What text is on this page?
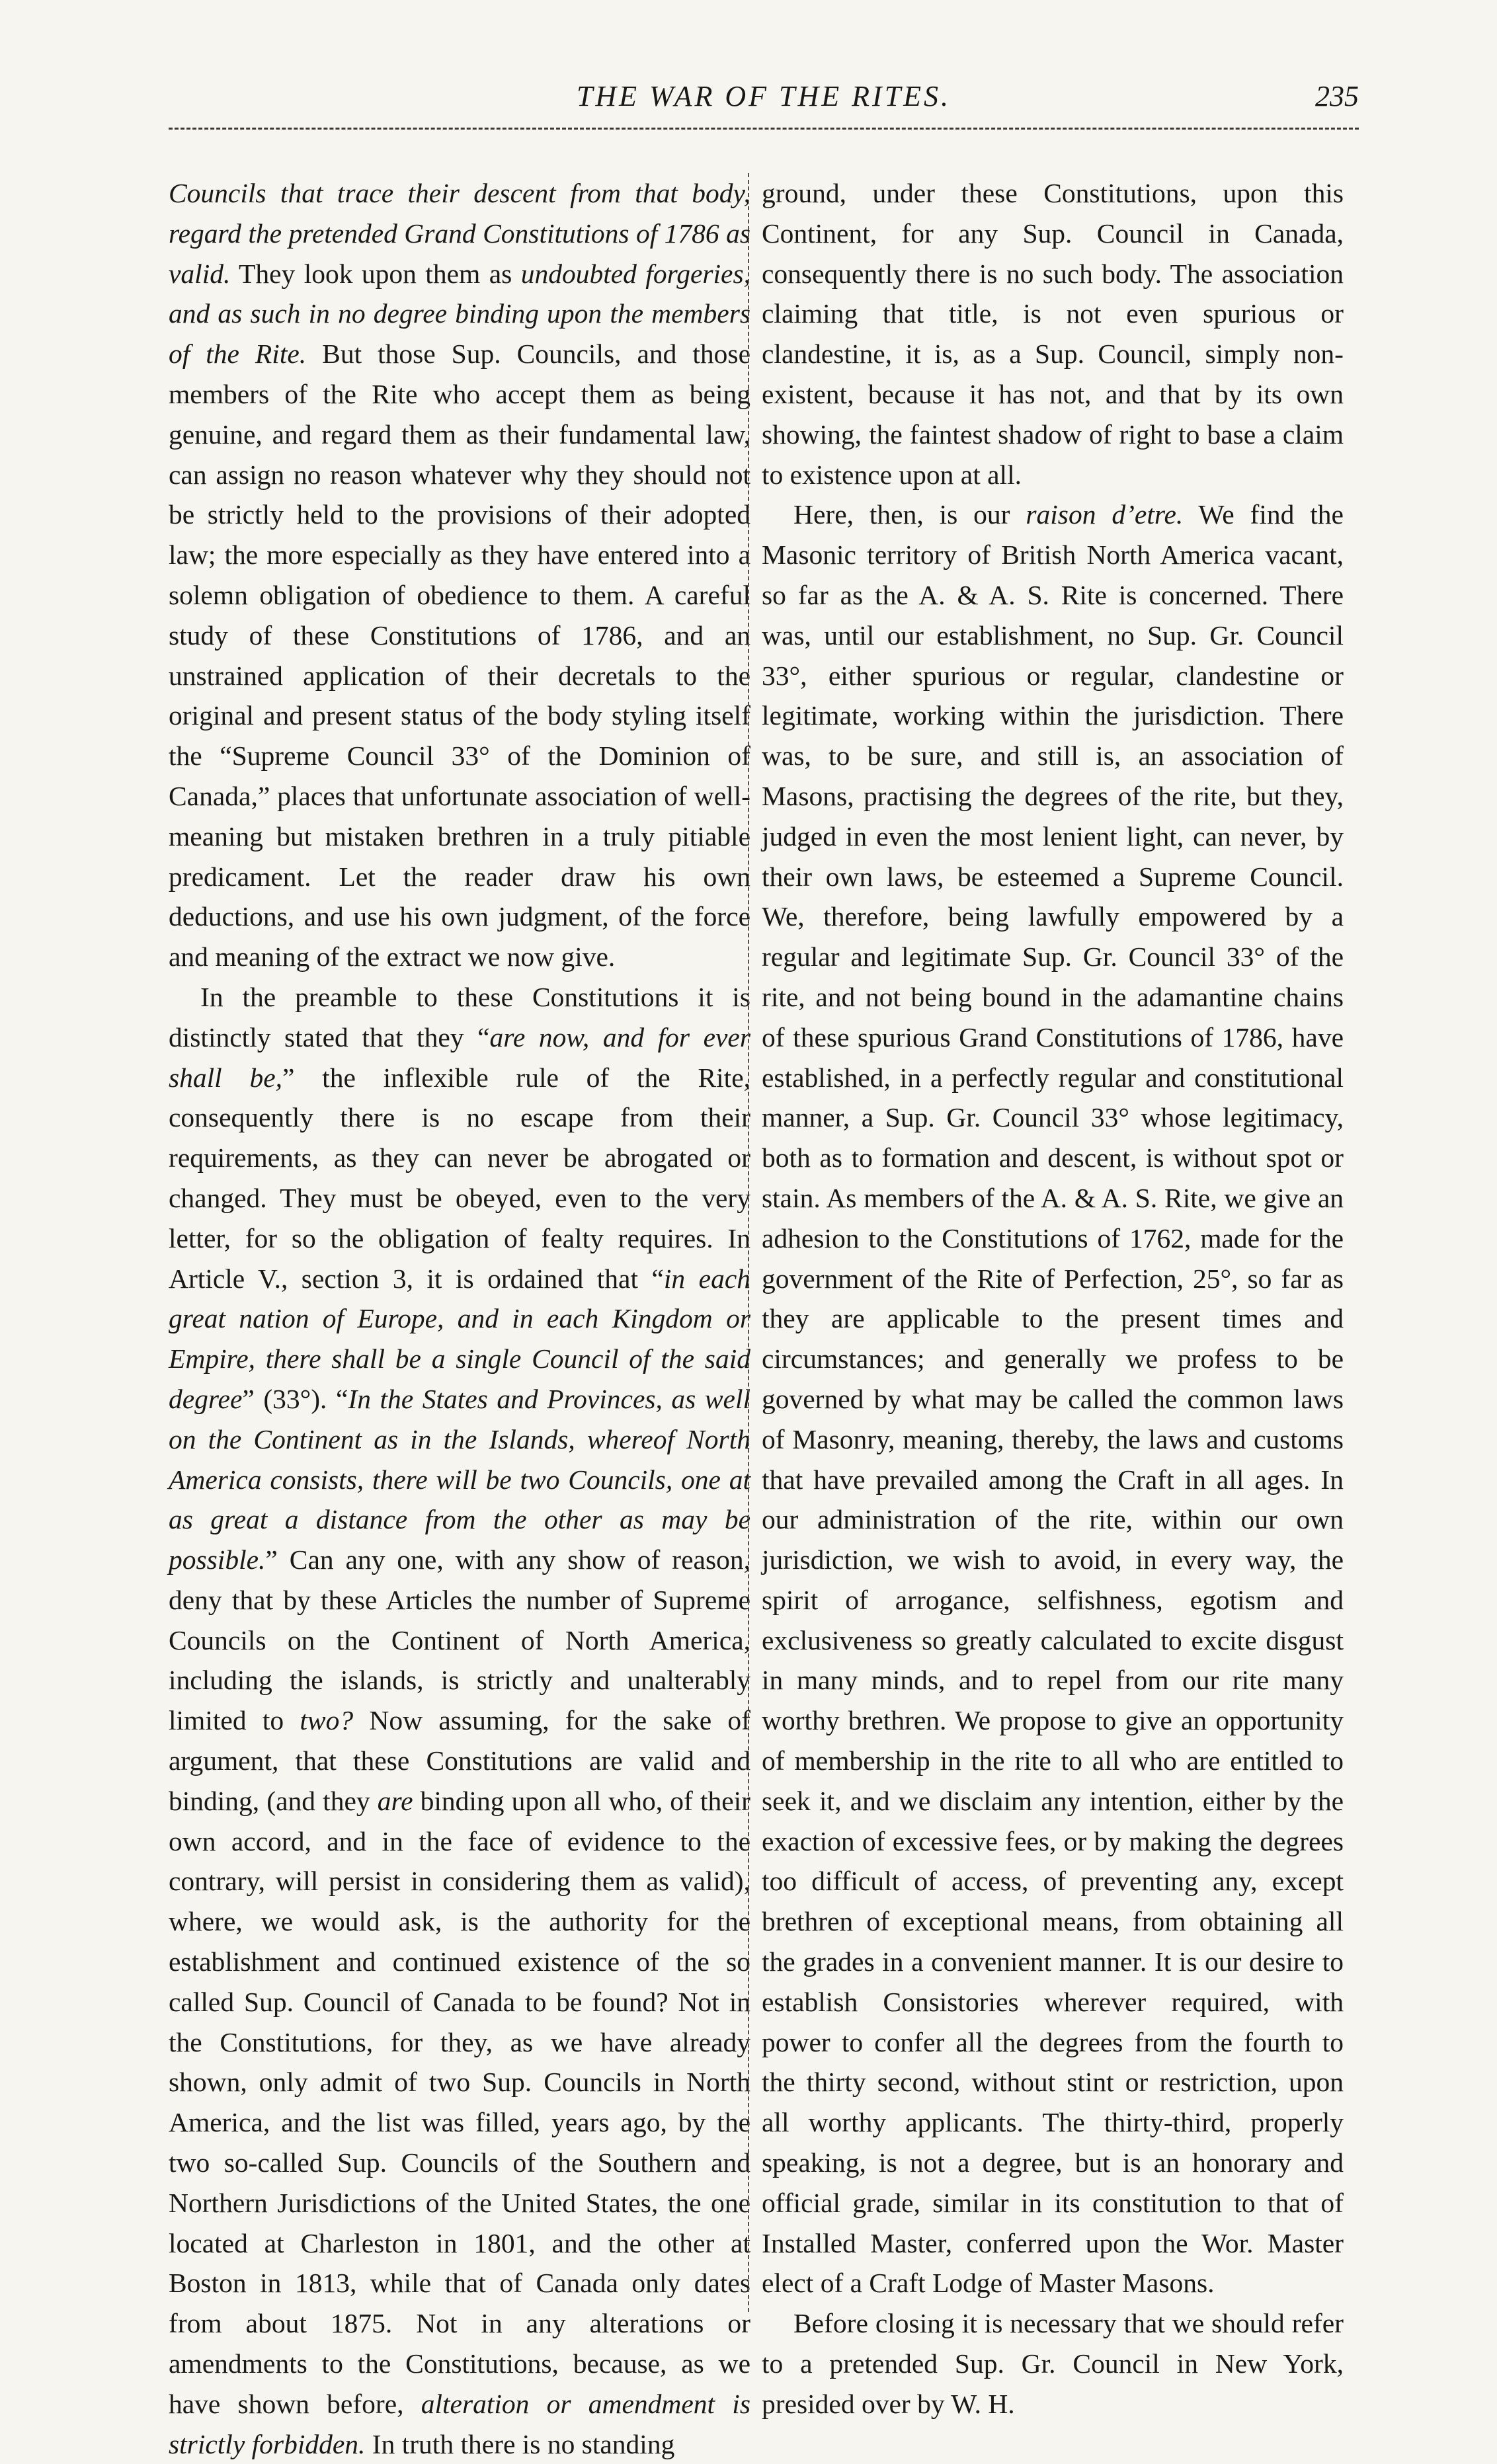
THE WAR OF THE RITES.	235

Councils that trace their descent from that body, regard the pretended Grand Constitutions of 1786 as valid. They look upon them as undoubted forgeries, and as such in no degree binding upon the members of the Rite. But those Sup. Councils, and those members of the Rite who accept them as being genuine, and regard them as their fundamental law, can assign no reason whatever why they should not be strictly held to the provisions of their adopted law; the more especially as they have entered into a solemn obligation of obedience to them. A careful study of these Constitutions of 1786, and an unstrained application of their decretals to the original and present status of the body styling itself the “Supreme Council 33° of the Dominion of Canada,” places that unfortunate association of well-meaning but mistaken brethren in a truly pitiable predicament. Let the reader draw his own deductions, and use his own judgment, of the force and meaning of the extract we now give.

In the preamble to these Constitutions it is distinctly stated that they “are now, and for ever shall be,” the inflexible rule of the Rite, consequently there is no escape from their requirements, as they can never be abrogated or changed. They must be obeyed, even to the very letter, for so the obligation of fealty requires. In Article V., section 3, it is ordained that “in each great nation of Europe, and in each Kingdom or Empire, there shall be a single Council of the said degree” (33°). “In the States and Provinces, as well on the Continent as in the Islands, whereof North America consists, there will be two Councils, one at as great a distance from the other as may be possible.” Can any one, with any show of reason, deny that by these Articles the number of Supreme Councils on the Continent of North America, including the islands, is strictly and unalterably limited to two? Now assuming, for the sake of argument, that these Constitutions are valid and binding, (and they are binding upon all who, of their own accord, and in the face of evidence to the contrary, will persist in considering them as valid), where, we would ask, is the authority for the establishment and continued existence of the so called Sup. Council of Canada to be found? Not in the Constitutions, for they, as we have already shown, only admit of two Sup. Councils in North America, and the list was filled, years ago, by the two so-called Sup. Councils of the Southern and Northern Jurisdictions of the United States, the one located at Charleston in 1801, and the other at Boston in 1813, while that of Canada only dates from about 1875. Not in any alterations or amendments to the Constitutions, because, as we have shown before, alteration or amendment is strictly forbidden. In truth there is no standing

ground, under these Constitutions, upon this Continent, for any Sup. Council in Canada, consequently there is no such body. The association claiming that title, is not even spurious or clandestine, it is, as a Sup. Council, simply non-existent, because it has not, and that by its own showing, the faintest shadow of right to base a claim to existence upon at all.

Here, then, is our raison d’etre. We find the Masonic territory of British North America vacant, so far as the A. & A. S. Rite is concerned. There was, until our establishment, no Sup. Gr. Council 33°, either spurious or regular, clandestine or legitimate, working within the jurisdiction. There was, to be sure, and still is, an association of Masons, practising the degrees of the rite, but they, judged in even the most lenient light, can never, by their own laws, be esteemed a Supreme Council. We, therefore, being lawfully empowered by a regular and legitimate Sup. Gr. Council 33° of the rite, and not being bound in the adamantine chains of these spurious Grand Constitutions of 1786, have established, in a perfectly regular and constitutional manner, a Sup. Gr. Council 33° whose legitimacy, both as to formation and descent, is without spot or stain. As members of the A. & A. S. Rite, we give an adhesion to the Constitutions of 1762, made for the government of the Rite of Perfection, 25°, so far as they are applicable to the present times and circumstances; and generally we profess to be governed by what may be called the common laws of Masonry, meaning, thereby, the laws and customs that have prevailed among the Craft in all ages. In our administration of the rite, within our own jurisdiction, we wish to avoid, in every way, the spirit of arrogance, selfishness, egotism and exclusiveness so greatly calculated to excite disgust in many minds, and to repel from our rite many worthy brethren. We propose to give an opportunity of membership in the rite to all who are entitled to seek it, and we disclaim any intention, either by the exaction of excessive fees, or by making the degrees too difficult of access, of preventing any, except brethren of exceptional means, from obtaining all the grades in a convenient manner. It is our desire to establish Consistories wherever required, with power to confer all the degrees from the fourth to the thirty second, without stint or restriction, upon all worthy applicants. The thirty-third, properly speaking, is not a degree, but is an honorary and official grade, similar in its constitution to that of Installed Master, conferred upon the Wor. Master elect of a Craft Lodge of Master Masons.

Before closing it is necessary that we should refer to a pretended Sup. Gr. Council in New York, presided over by W. H.
